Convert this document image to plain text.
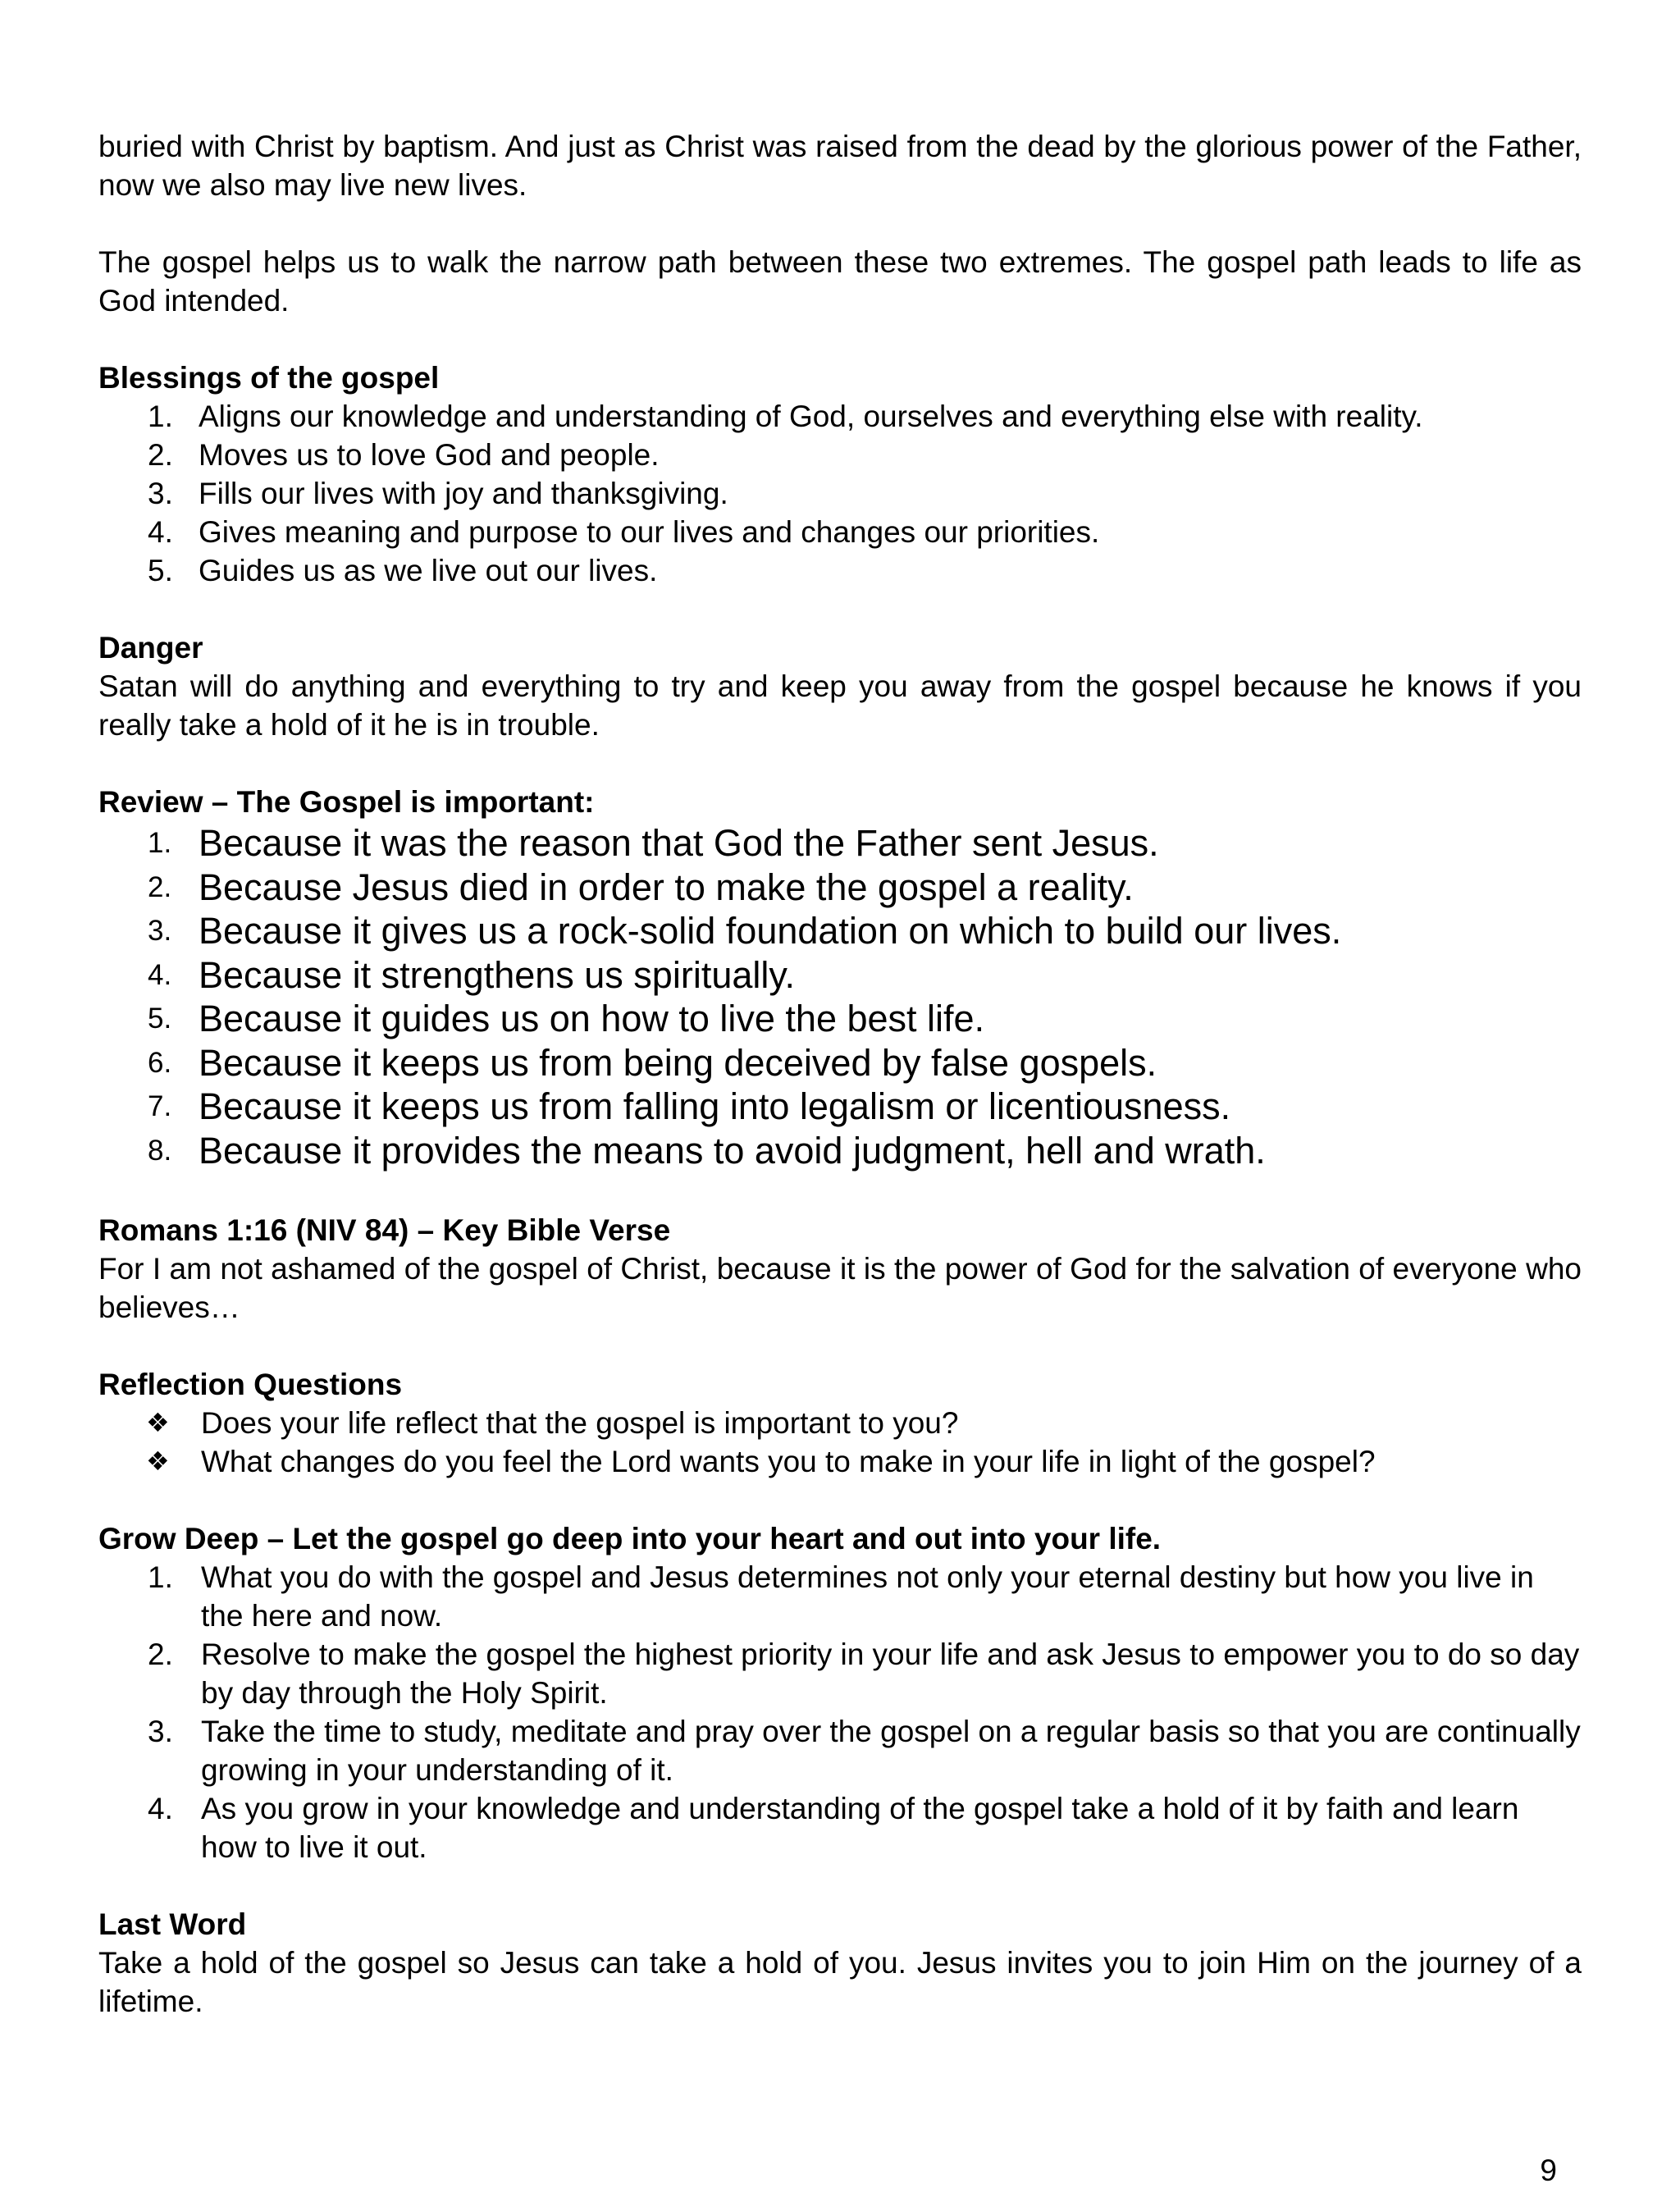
buried with Christ by baptism. And just as Christ was raised from the dead by the glorious power of the Father, now we also may live new lives.

The gospel helps us to walk the narrow path between these two extremes. The gospel path leads to life as God intended.

Blessings of the gospel

1. Aligns our knowledge and understanding of God, ourselves and everything else with reality.
2. Moves us to love God and people.
3. Fills our lives with joy and thanksgiving.
4. Gives meaning and purpose to our lives and changes our priorities.
5. Guides us as we live out our lives.

Danger

Satan will do anything and everything to try and keep you away from the gospel because he knows if you really take a hold of it he is in trouble.

Review – The Gospel is important:

1. Because it was the reason that God the Father sent Jesus.
2. Because Jesus died in order to make the gospel a reality.
3. Because it gives us a rock-solid foundation on which to build our lives.
4. Because it strengthens us spiritually.
5. Because it guides us on how to live the best life.
6. Because it keeps us from being deceived by false gospels.
7. Because it keeps us from falling into legalism or licentiousness.
8. Because it provides the means to avoid judgment, hell and wrath.

Romans 1:16 (NIV 84) – Key Bible Verse

For I am not ashamed of the gospel of Christ, because it is the power of God for the salvation of everyone who believes…

Reflection Questions

❖	Does your life reflect that the gospel is important to you?
❖	What changes do you feel the Lord wants you to make in your life in light of the gospel?

Grow Deep – Let the gospel go deep into your heart and out into your life.

1. What you do with the gospel and Jesus determines not only your eternal destiny but how you live in the here and now.
2. Resolve to make the gospel the highest priority in your life and ask Jesus to empower you to do so day by day through the Holy Spirit.
3. Take the time to study, meditate and pray over the gospel on a regular basis so that you are continually growing in your understanding of it.
4. As you grow in your knowledge and understanding of the gospel take a hold of it by faith and learn how to live it out.

Last Word

Take a hold of the gospel so Jesus can take a hold of you. Jesus invites you to join Him on the journey of a lifetime.

9
